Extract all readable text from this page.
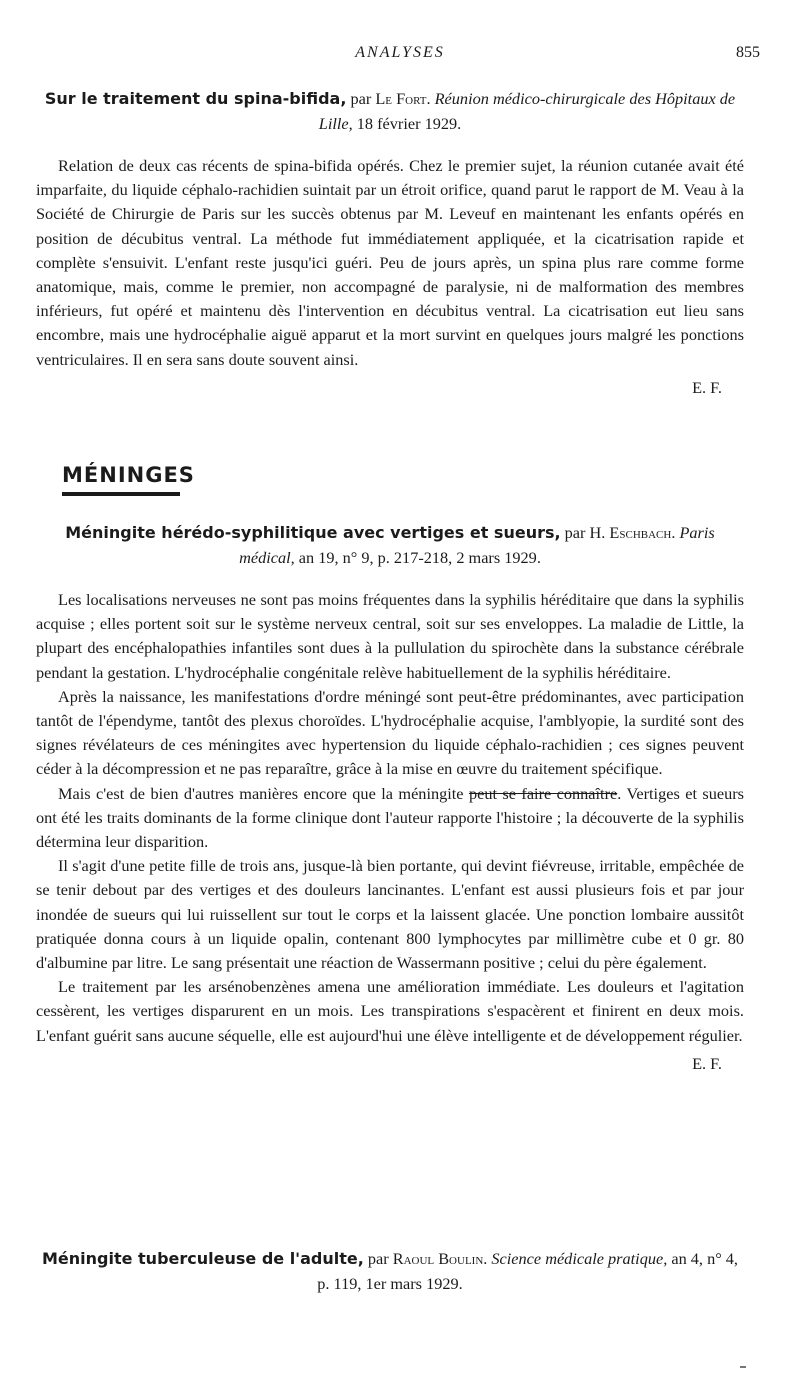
ANALYSES	855
Sur le traitement du spina-bifida, par Le Fort. Réunion médico-chirurgicale des Hôpitaux de Lille, 18 février 1929.

Relation de deux cas récents de spina-bifida opérés. Chez le premier sujet, la réunion cutanée avait été imparfaite, du liquide céphalo-rachidien suintait par un étroit orifice, quand parut le rapport de M. Veau à la Société de Chirurgie de Paris sur les succès obtenus par M. Leveuf en maintenant les enfants opérés en position de décubitus ventral. La méthode fut immédiatement appliquée, et la cicatrisation rapide et complète s'ensuivit. L'enfant reste jusqu'ici guéri. Peu de jours après, un spina plus rare comme forme anatomique, mais, comme le premier, non accompagné de paralysie, ni de malformation des membres inférieurs, fut opéré et maintenu dès l'intervention en décubitus ventral. La cicatrisation eut lieu sans encombre, mais une hydrocéphalie aiguë apparut et la mort survint en quelques jours malgré les ponctions ventriculaires. Il en sera sans doute souvent ainsi.

E. F.
MÉNINGES
Méningite hérédo-syphilitique avec vertiges et sueurs, par H. Eschbach. Paris médical, an 19, n° 9, p. 217-218, 2 mars 1929.

Les localisations nerveuses ne sont pas moins fréquentes dans la syphilis héréditaire que dans la syphilis acquise ; elles portent soit sur le système nerveux central, soit sur ses enveloppes. La maladie de Little, la plupart des encéphalopathies infantiles sont dues à la pullulation du spirochète dans la substance cérébrale pendant la gestation. L'hydrocéphalie congénitale relève habituellement de la syphilis héréditaire.

Après la naissance, les manifestations d'ordre méningé sont peut-être prédominantes, avec participation tantôt de l'épendyme, tantôt des plexus choroïdes. L'hydrocéphalie acquise, l'amblyopie, la surdité sont des signes révélateurs de ces méningites avec hypertension du liquide céphalo-rachidien ; ces signes peuvent céder à la décompression et ne pas reparaître, grâce à la mise en œuvre du traitement spécifique.

Mais c'est de bien d'autres manières encore que la méningite peut se faire connaître. Vertiges et sueurs ont été les traits dominants de la forme clinique dont l'auteur rapporte l'histoire ; la découverte de la syphilis détermina leur disparition.

Il s'agit d'une petite fille de trois ans, jusque-là bien portante, qui devint fiévreuse, irritable, empêchée de se tenir debout par des vertiges et des douleurs lancinantes. L'enfant est aussi plusieurs fois et par jour inondée de sueurs qui lui ruissellent sur tout le corps et la laissent glacée. Une ponction lombaire aussitôt pratiquée donna cours à un liquide opalin, contenant 800 lymphocytes par millimètre cube et 0 gr. 80 d'albumine par litre. Le sang présentait une réaction de Wassermann positive ; celui du père également.

Le traitement par les arsénobenzènes amena une amélioration immédiate. Les douleurs et l'agitation cessèrent, les vertiges disparurent en un mois. Les transpirations s'espacèrent et finirent en deux mois. L'enfant guérit sans aucune séquelle, elle est aujourd'hui une élève intelligente et de développement régulier.

E. F.
Méningite tuberculeuse de l'adulte, par Raoul Boulin. Science médicale pratique, an 4, n° 4, p. 119, 1er mars 1929.
